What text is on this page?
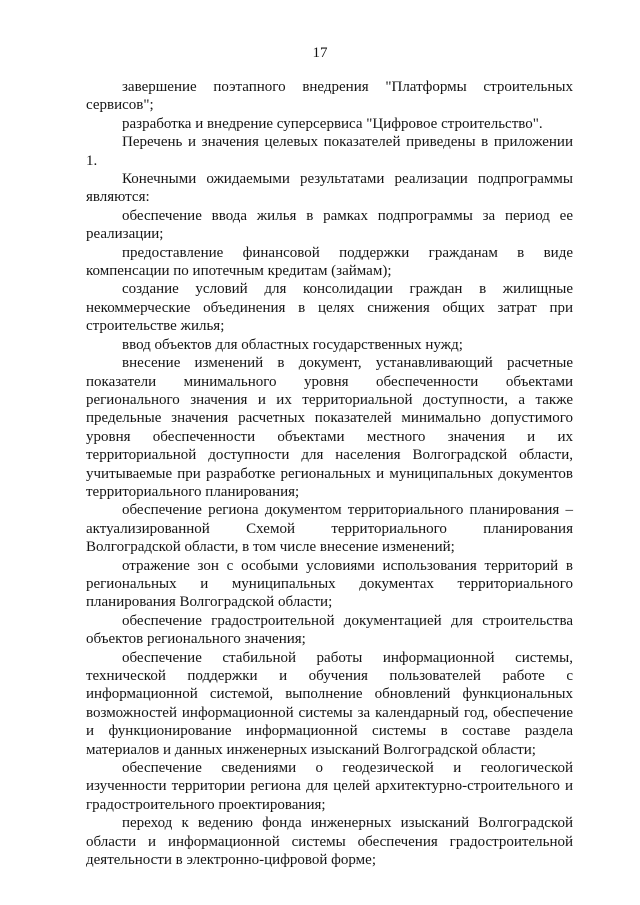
17

завершение поэтапного внедрения "Платформы строительных сервисов";

разработка и внедрение суперсервиса "Цифровое строительство".

Перечень и значения целевых показателей приведены в приложении 1.

Конечными ожидаемыми результатами реализации подпрограммы являются:

обеспечение ввода жилья в рамках подпрограммы за период ее реализации;

предоставление финансовой поддержки гражданам в виде компенсации по ипотечным кредитам (займам);

создание условий для консолидации граждан в жилищные некоммерческие объединения в целях снижения общих затрат при строительстве жилья;

ввод объектов для областных государственных нужд;

внесение изменений в документ, устанавливающий расчетные показатели минимального уровня обеспеченности объектами регионального значения и их территориальной доступности, а также предельные значения расчетных показателей минимально допустимого уровня обеспеченности объектами местного значения и их территориальной доступности для населения Волгоградской области, учитываемые при разработке региональных и муниципальных документов территориального планирования;

обеспечение региона документом территориального планирования – актуализированной Схемой территориального планирования Волгоградской области, в том числе внесение изменений;

отражение зон с особыми условиями использования территорий в региональных и муниципальных документах территориального планирования Волгоградской области;

обеспечение градостроительной документацией для строительства объектов регионального значения;

обеспечение стабильной работы информационной системы, технической поддержки и обучения пользователей работе с информационной системой, выполнение обновлений функциональных возможностей информационной системы за календарный год, обеспечение и функционирование информационной системы в составе раздела материалов и данных инженерных изысканий Волгоградской области;

обеспечение сведениями о геодезической и геологической изученности территории региона для целей архитектурно-строительного и градостроительного проектирования;

переход к ведению фонда инженерных изысканий Волгоградской области и информационной системы обеспечения градостроительной деятельности в электронно-цифровой форме;
